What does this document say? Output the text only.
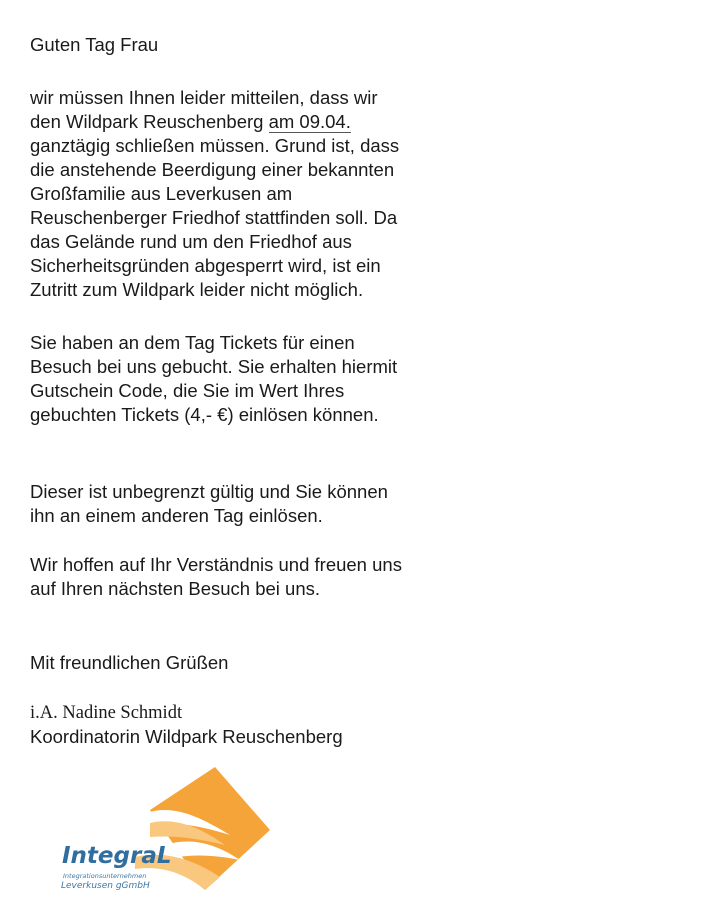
Guten Tag Frau
wir müssen Ihnen leider mitteilen, dass wir
den Wildpark Reuschenberg am 09.04.
ganztägig schließen müssen. Grund ist, dass
die anstehende Beerdigung einer bekannten
Großfamilie aus Leverkusen am
Reuschenberger Friedhof stattfinden soll. Da
das Gelände rund um den Friedhof aus
Sicherheitsgründen abgesperrt wird, ist ein
Zutritt zum Wildpark leider nicht möglich.
Sie haben an dem Tag Tickets für einen
Besuch bei uns gebucht. Sie erhalten hiermit
Gutschein Code, die Sie im Wert Ihres
gebuchten Tickets (4,- €) einlösen können.
Dieser ist unbegrenzt gültig und Sie können
ihn an einem anderen Tag einlösen.
Wir hoffen auf Ihr Verständnis und freuen uns
auf Ihren nächsten Besuch bei uns.
Mit freundlichen Grüßen
i.A. Nadine Schmidt
Koordinatorin Wildpark Reuschenberg
IntegraL
Integrationsunternehmen
Leverkusen gGmbH
